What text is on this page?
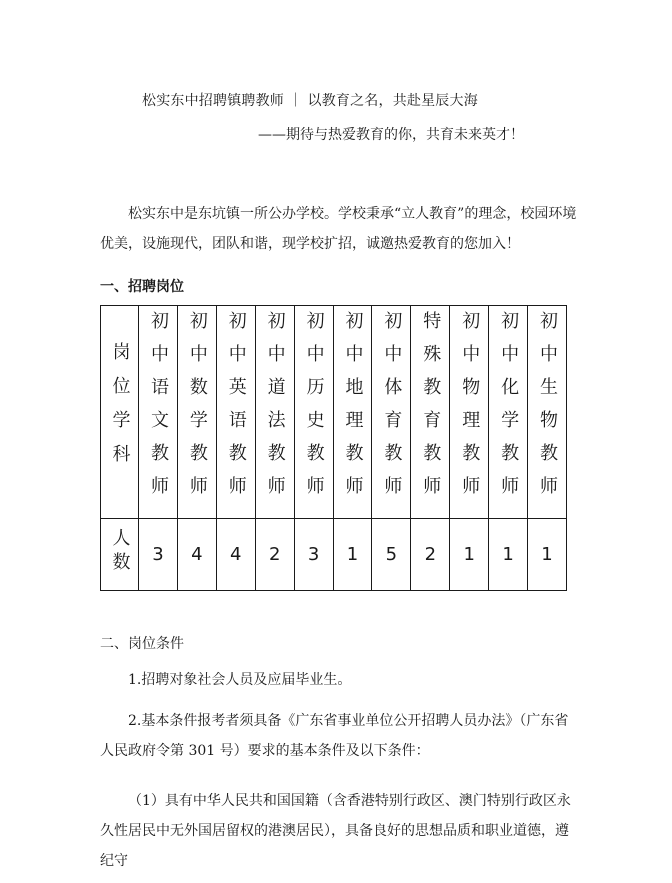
松实东中招聘镇聘教师 ｜ 以教育之名，共赴星辰大海
——期待与热爱教育的你，共育未来英才！
松实东中是东坑镇一所公办学校。学校秉承“立人教育”的理念，校园环境优美，设施现代，团队和谐，现学校扩招，诚邀热爱教育的您加入！
一、招聘岗位
岗位学科	初中语文教师	初中数学教师	初中英语教师	初中道法教师	初中历史教师	初中地理教师	初中体育教师	特殊教育教师	初中物理教师	初中化学教师	初中生物教师
人数	3	4	4	2	3	1	5	2	1	1	1
二、岗位条件
1.招聘对象社会人员及应届毕业生。
2.基本条件报考者须具备《广东省事业单位公开招聘人员办法》（广东省人民政府令第 301 号）要求的基本条件及以下条件：
（1）具有中华人民共和国国籍（含香港特别行政区、澳门特别行政区永久性居民中无外国居留权的港澳居民），具备良好的思想品质和职业道德，遵纪守
